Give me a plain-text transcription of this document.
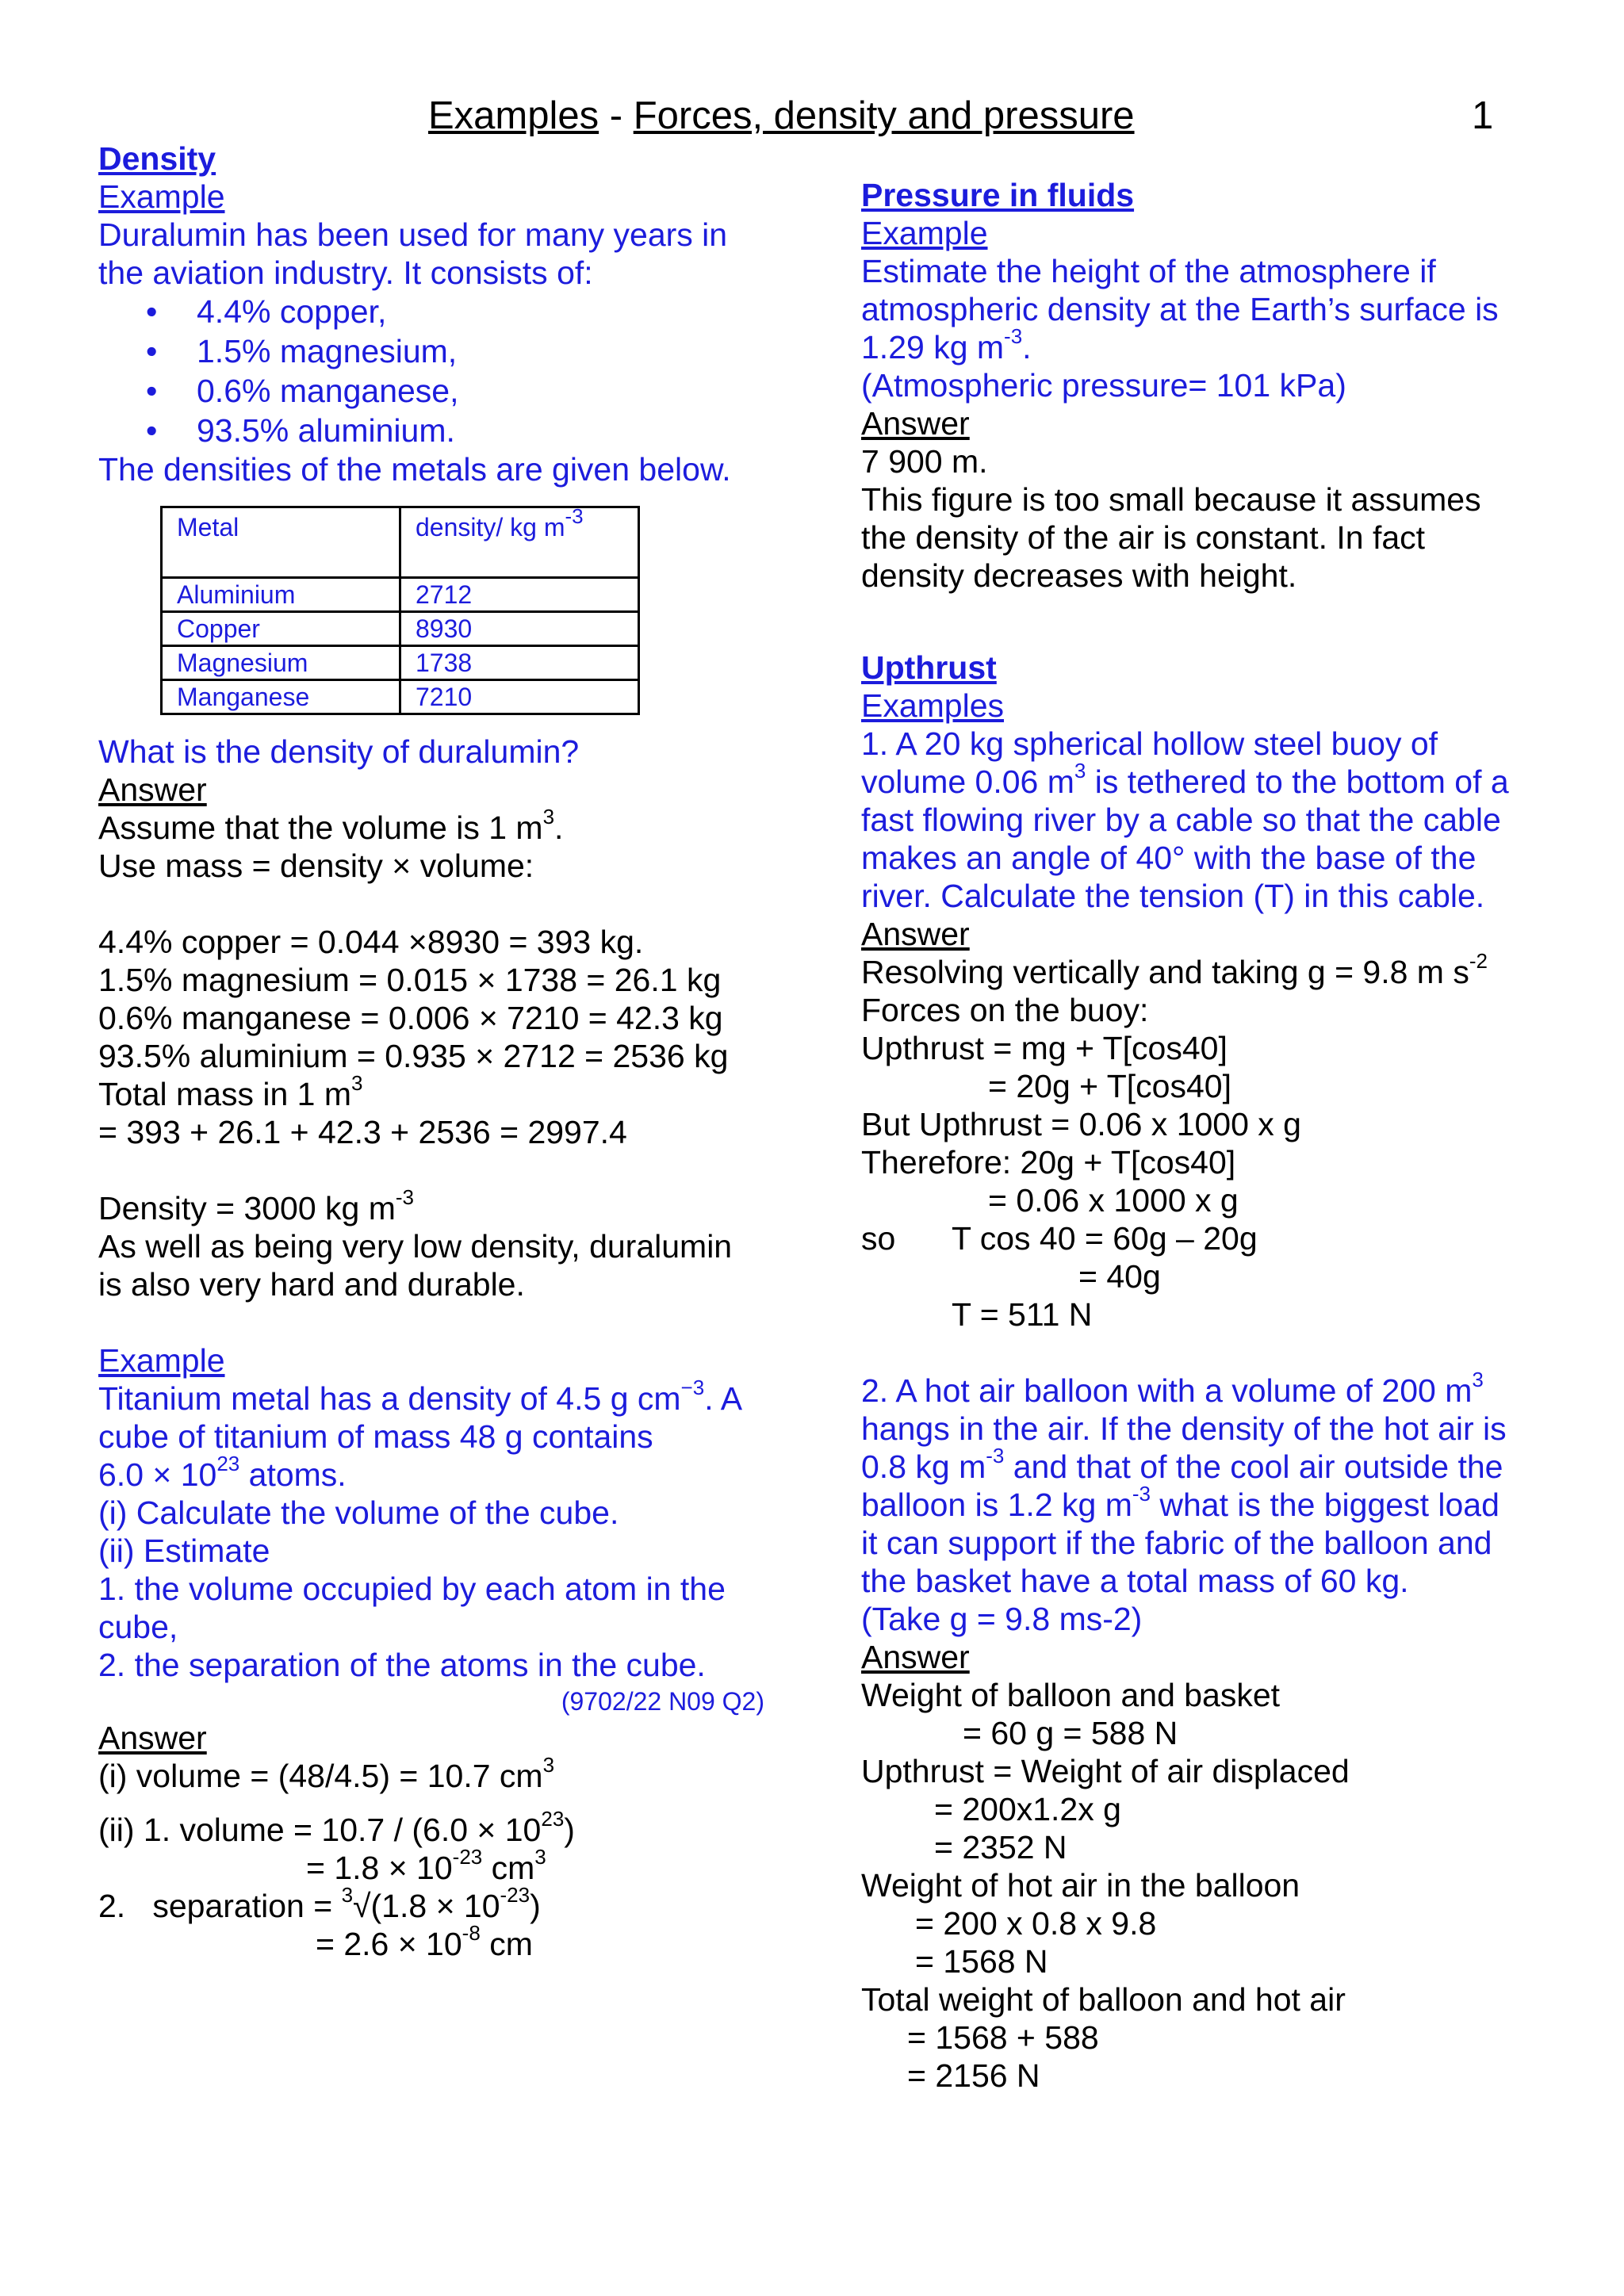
Examples - Forces, density and pressure	1
Density
Example
Duralumin has been used for many years in
the aviation industry. It consists of:
• 4.4% copper,
• 1.5% magnesium,
• 0.6% manganese,
• 93.5% aluminium.
The densities of the metals are given below.
Metal	density/ kg $m^{-3}$
Aluminium	2712
Copper	8930
Magnesium	1738
Manganese	7210
What is the density of duralumin?
Answer
Assume that the volume is 1 $m^3$.
Use mass = density × volume:
4.4% copper = 0.044 ×8930 = 393 kg.
1.5% magnesium = 0.015 × 1738 = 26.1 kg
0.6% manganese = 0.006 × 7210 = 42.3 kg
93.5% aluminium = 0.935 × 2712 = 2536 kg
Total mass in 1 $m^3$
= 393 + 26.1 + 42.3 + 2536 = 2997.4
Density = 3000 kg $m^{-3}$
As well as being very low density, duralumin
is also very hard and durable.
Example
Titanium metal has a density of 4.5 g $cm^{-3}$. A
cube of titanium of mass 48 g contains
$6.0 \times 10^{23}$ atoms.
(i) Calculate the volume of the cube.
(ii) Estimate
1. the volume occupied by each atom in the
cube,
2. the separation of the atoms in the cube.
(9702/22 N09 Q2)
Answer
(i) volume = (48/4.5) = 10.7 $cm^3$
(ii) 1. volume = $10.7 / (6.0 \times 10^{23})$
= $1.8 \times 10^{-23}$ $cm^3$
2.   separation = $^3√(1.8 \times 10^{-23})$
= $2.6 \times 10^{-8}$ cm
Pressure in fluids
Example
Estimate the height of the atmosphere if
atmospheric density at the Earth’s surface is
1.29 kg $m^{-3}$.
(Atmospheric pressure= 101 kPa)
Answer
7 900 m.
This figure is too small because it assumes
the density of the air is constant. In fact
density decreases with height.
Upthrust
Examples
1. A 20 kg spherical hollow steel buoy of
volume 0.06 $m^3$ is tethered to the bottom of a
fast flowing river by a cable so that the cable
makes an angle of 40° with the base of the
river. Calculate the tension (T) in this cable.
Answer
Resolving vertically and taking g = 9.8 m $s^{-2}$
Forces on the buoy:
Upthrust = mg + T[cos40]
= 20g + T[cos40]
But Upthrust = 0.06 x 1000 x g
Therefore: 20g + T[cos40]
= 0.06 x 1000 x g
so T cos 40 = 60g – 20g
= 40g
T = 511 N
2. A hot air balloon with a volume of 200 $m^3$
hangs in the air. If the density of the hot air is
0.8 kg $m^{-3}$ and that of the cool air outside the
balloon is 1.2 kg $m^{-3}$ what is the biggest load
it can support if the fabric of the balloon and
the basket have a total mass of 60 kg.
(Take g = 9.8 ms-2)
Answer
Weight of balloon and basket
= 60 g = 588 N
Upthrust = Weight of air displaced
= 200x1.2x g
= 2352 N
Weight of hot air in the balloon
= 200 x 0.8 x 9.8
= 1568 N
Total weight of balloon and hot air
= 1568 + 588
= 2156 N
